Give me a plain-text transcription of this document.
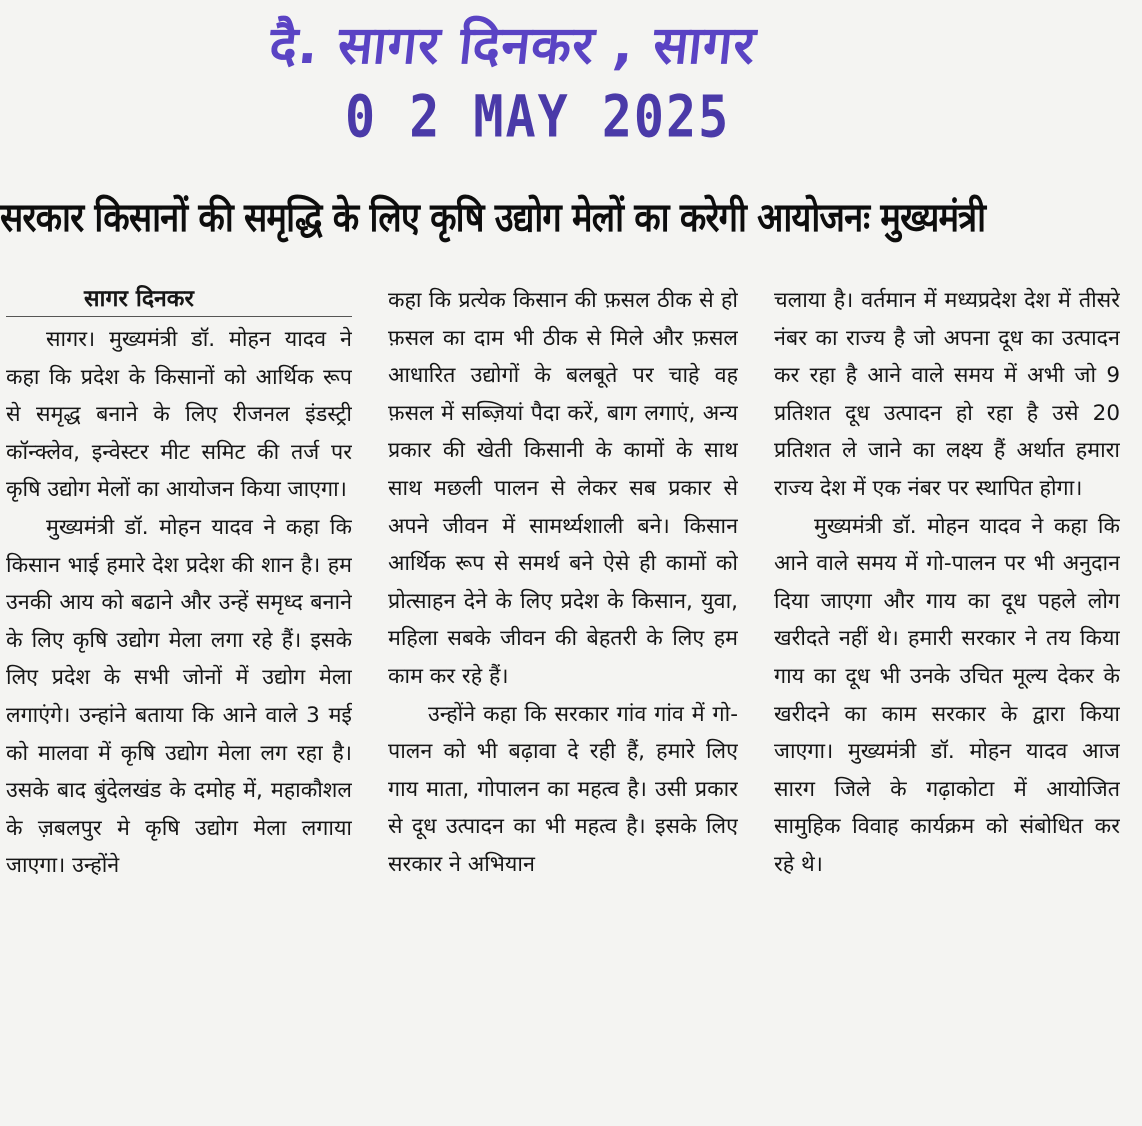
दै. सागर दिनकर , सागर
0 2 MAY 2025
सरकार किसानों की समृद्धि के लिए कृषि उद्योग मेलों का करेगी आयोजनः मुख्यमंत्री
सागर दिनकर

सागर। मुख्यमंत्री डॉ. मोहन यादव ने कहा कि प्रदेश के किसानों को आर्थिक रूप से समृद्ध बनाने के लिए रीजनल इंडस्ट्री कॉन्क्लेव, इन्वेस्टर मीट समिट की तर्ज पर कृषि उद्योग मेलों का आयोजन किया जाएगा।

मुख्यमंत्री डॉ. मोहन यादव ने कहा कि किसान भाई हमारे देश प्रदेश की शान है। हम उनकी आय को बढाने और उन्हें समृध्द बनाने के लिए कृषि उद्योग मेला लगा रहे हैं। इसके लिए प्रदेश के सभी जोनों में उद्योग मेला लगाएंगे। उन्हांने बताया कि आने वाले 3 मई को मालवा में कृषि उद्योग मेला लग रहा है। उसके बाद बुंदेलखंड के दमोह में, महाकौशल के ज़बलपुर मे कृषि उद्योग मेला लगाया जाएगा। उन्होंने

कहा कि प्रत्येक किसान की फ़सल ठीक से हो फ़सल का दाम भी ठीक से मिले और फ़सल आधारित उद्योगों के बलबूते पर चाहे वह फ़सल में सब्ज़ियां पैदा करें, बाग लगाएं, अन्य प्रकार की खेती किसानी के कामों के साथ साथ मछली पालन से लेकर सब प्रकार से अपने जीवन में सामर्थ्यशाली बने। किसान आर्थिक रूप से समर्थ बने ऐसे ही कामों को प्रोत्साहन देने के लिए प्रदेश के किसान, युवा, महिला सबके जीवन की बेहतरी के लिए हम काम कर रहे हैं।

उन्होंने कहा कि सरकार गांव गांव में गो-पालन को भी बढ़ावा दे रही हैं, हमारे लिए गाय माता, गोपालन का महत्व है। उसी प्रकार से दूध उत्पादन का भी महत्व है। इसके लिए सरकार ने अभियान

चलाया है। वर्तमान में मध्यप्रदेश देश में तीसरे नंबर का राज्य है जो अपना दूध का उत्पादन कर रहा है आने वाले समय में अभी जो 9 प्रतिशत दूध उत्पादन हो रहा है उसे 20 प्रतिशत ले जाने का लक्ष्य हैं अर्थात हमारा राज्य देश में एक नंबर पर स्थापित होगा।

मुख्यमंत्री डॉ. मोहन यादव ने कहा कि आने वाले समय में गो-पालन पर भी अनुदान दिया जाएगा और गाय का दूध पहले लोग खरीदते नहीं थे। हमारी सरकार ने तय किया गाय का दूध भी उनके उचित मूल्य देकर के खरीदने का काम सरकार के द्वारा किया जाएगा। मुख्यमंत्री डॉ. मोहन यादव आज सारग जिले के गढ़ाकोटा में आयोजित सामुहिक विवाह कार्यक्रम को संबोधित कर रहे थे।
